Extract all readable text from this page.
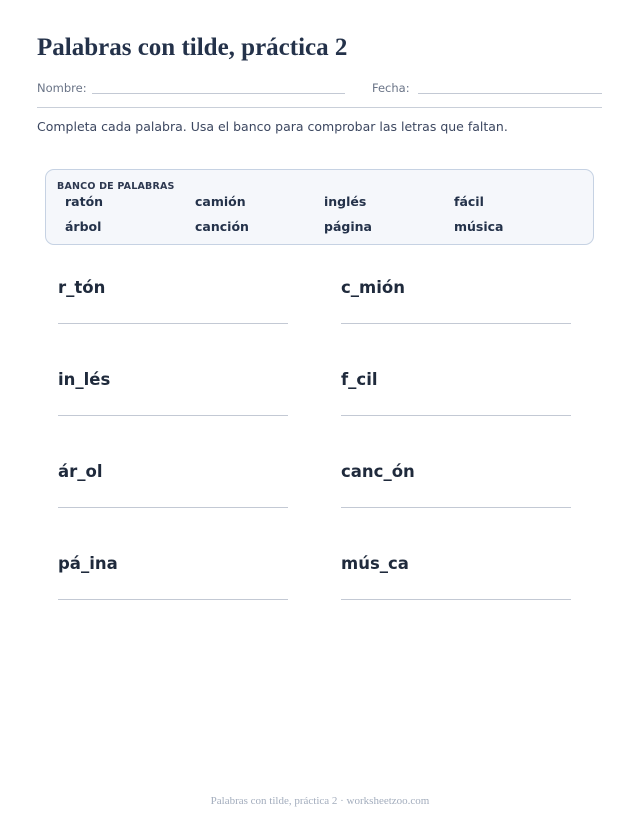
Palabras con tilde, práctica 2
Nombre:	Fecha:
Completa cada palabra. Usa el banco para comprobar las letras que faltan.
BANCO DE PALABRAS
ratón	camión	inglés	fácil
árbol	canción	página	música
r_tón	c_mión
in_lés	f_cil
ár_ol	canc_ón
pá_ina	mús_ca
Palabras con tilde, práctica 2 · worksheetzoo.com
